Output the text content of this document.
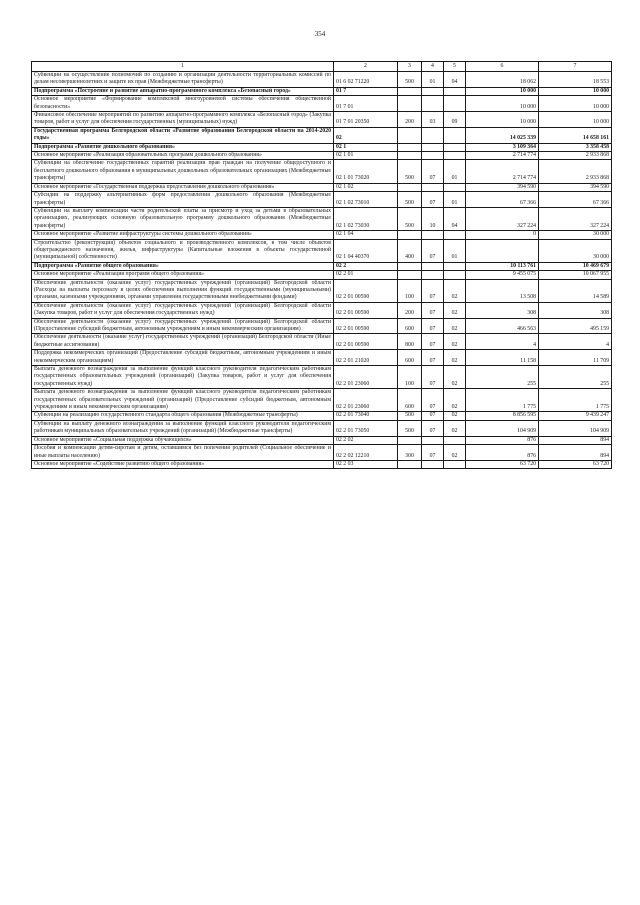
354
1	2	3	4	5	6	7
Субвенции на осуществление полномочий по созданию и организации деятельности территориальных комиссий по делам несовершеннолетних и защите их прав (Межбюджетные трансферты)	01 6 02 71220	500	01	04	18 062	18 553
Подпрограмма «Построение и развитие аппаратно-программного комплекса «Безопасный город»	01 7				10 000	10 000
Основное мероприятие «Формирование комплексной многоуровневой системы обеспечения общественной безопасности»	01 7 01				10 000	10 000
Финансовое обеспечение мероприятий по развитию аппаратно-программного комплекса «Безопасный город» (Закупка товаров, работ и услуг для обеспечения государственных (муниципальных) нужд)	01 7 01 20350	200	03	09	10 000	10 000
Государственная программа Белгородской области «Развитие образования Белгородской области на 2014-2020 годы»	02				14 025 339	14 658 161
Подпрограмма «Развитие дошкольного образования»	02 1				3 109 364	3 358 458
Основное мероприятие «Реализация образовательных программ дошкольного образования»	02 1 01				2 714 774	2 933 868
Субвенции на обеспечение государственных гарантий реализации прав граждан на получение общедоступного и бесплатного дошкольного образования в муниципальных дошкольных образовательных организациях (Межбюджетные трансферты)	02 1 01 73020	500	07	01	2 714 774	2 933 868
Основное мероприятие «Государственная поддержка предоставления дошкольного образования»	02 1 02				394 590	394 590
Субсидии на поддержку альтернативных форм предоставления дошкольного образования (Межбюджетные трансферты)	02 1 02 73010	500	07	01	67 366	67 366
Субвенции на выплату компенсации части родительской платы за присмотр и уход за детьми в образовательных организациях, реализующих основную образовательную программу дошкольного образования (Межбюджетные трансферты)	02 1 02 73030	500	10	04	327 224	327 224
Основное мероприятие «Развитие инфраструктуры системы дошкольного образования»	02 1 04				0	30 000
Строительство (реконструкция) объектов социального и производственного комплексов, в том числе объектов общегражданского назначения, жилья, инфраструктуры (Капитальные вложения в объекты государственной (муниципальной) собственности)	02 1 04 40370	400	07	01		30 000
Подпрограмма «Развитие общего образования»	02 2				10 113 761	10 469 679
Основное мероприятие «Реализация программ общего образования»	02 2 01				9 455 075	10 067 955
Обеспечение деятельности (оказание услуг) государственных учреждений (организаций) Белгородской области (Расходы на выплаты персоналу в целях обеспечения выполнения функций государственными (муниципальными) органами, казенными учреждениями, органами управления государственными внебюджетными фондами)	02 2 01 00590	100	07	02	13 508	14 589
Обеспечение деятельности (оказание услуг) государственных учреждений (организаций) Белгородской области (Закупка товаров, работ и услуг для обеспечения государственных нужд)	02 2 01 00590	200	07	02	308	308
Обеспечение деятельности (оказание услуг) государственных учреждений (организаций) Белгородской области (Предоставление субсидий бюджетным, автономным учреждениям и иным некоммерческим организациям)	02 2 01 00590	600	07	02	466 563	495 159
Обеспечение деятельности (оказание услуг) государственных учреждений (организаций) Белгородской области (Иные бюджетные ассигнования)	02 2 01 00590	800	07	02	4	4
Поддержка некоммерческих организаций (Предоставление субсидий бюджетным, автономным учреждениям и иным некоммерческим организациям)	02 2 01 21020	600	07	02	11 158	11 709
Выплата денежного вознаграждения за выполнение функций классного руководителя педагогическим работникам государственных образовательных учреждений (организаций) (Закупка товаров, работ и услуг для обеспечения государственных нужд)	02 2 01 23060	100	07	02	255	255
Выплата денежного вознаграждения за выполнение функций классного руководителя педагогическим работникам государственных образовательных учреждений (организаций) (Предоставление субсидий бюджетным, автономным учреждениям и иным некоммерческим организациям)	02 2 01 23060	600	07	02	1 775	1 775
Субвенции на реализацию государственного стандарта общего образования (Межбюджетные трансферты)	02 2 01 73040	500	07	02	8 856 595	9 439 247
Субвенции на выплату денежного вознаграждения за выполнение функций классного руководителя педагогическим работникам муниципальных образовательных учреждений (организаций) (Межбюджетные трансферты)	02 2 01 73050	500	07	02	104 909	104 909
Основное мероприятие «Социальная поддержка обучающихся»	02 2 02				876	894
Пособия и компенсации детям-сиротам и детям, оставшимся без попечения родителей (Социальное обеспечение и иные выплаты населению)	02 2 02 12210	300	07	02	876	894
Основное мероприятие «Содействие развитию общего образования»	02 2 03				63 720	63 720
